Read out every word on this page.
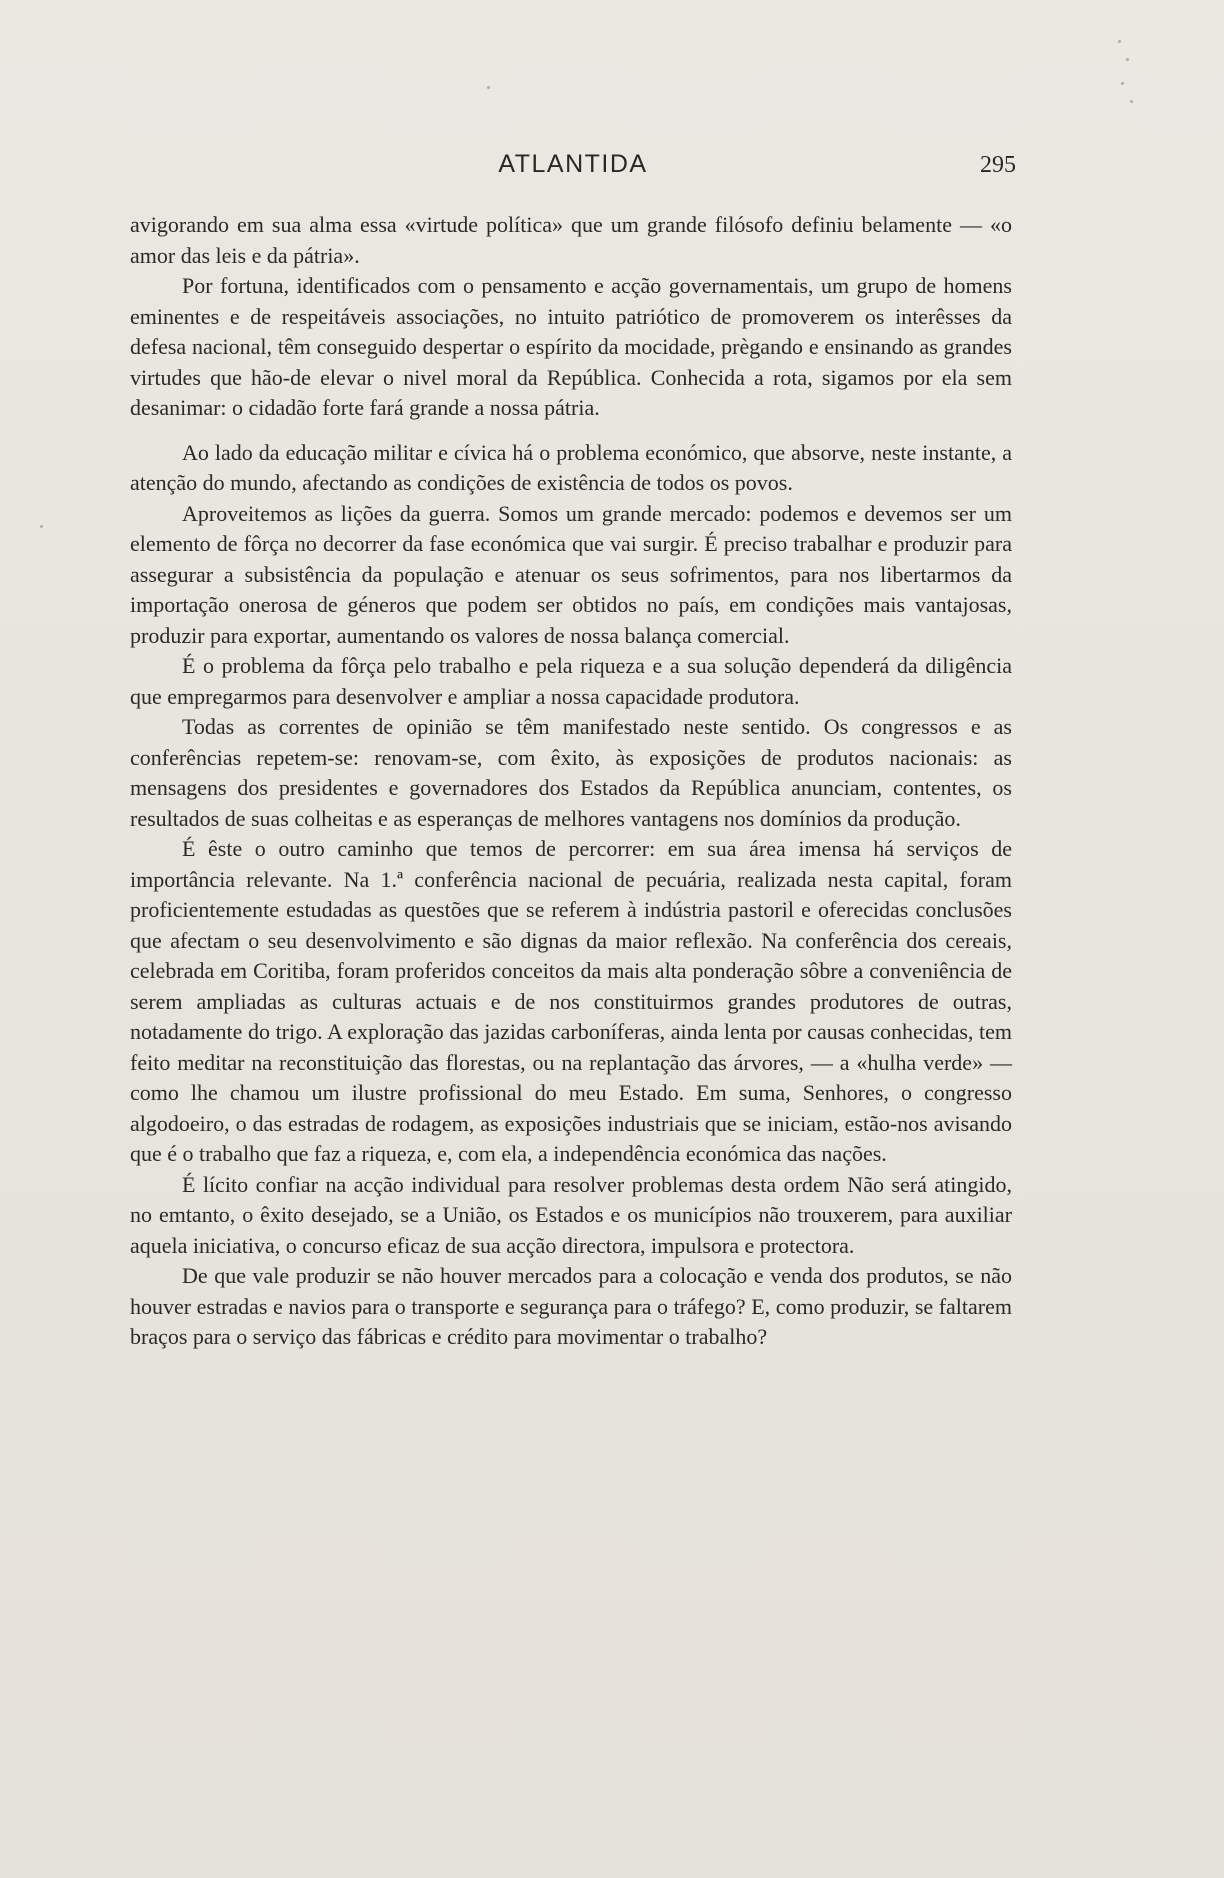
ATLANTIDA	295

avigorando em sua alma essa «virtude política» que um grande filósofo definiu belamente — «o amor das leis e da pátria».

Por fortuna, identificados com o pensamento e acção governamentais, um grupo de homens eminentes e de respeitáveis associações, no intuito patriótico de promoverem os interêsses da defesa nacional, têm conseguido despertar o espírito da mocidade, prègando e ensinando as grandes virtudes que hão-de elevar o nivel moral da República. Conhecida a rota, sigamos por ela sem desanimar: o cidadão forte fará grande a nossa pátria.

Ao lado da educação militar e cívica há o problema económico, que absorve, neste instante, a atenção do mundo, afectando as condições de existência de todos os povos.

Aproveitemos as lições da guerra. Somos um grande mercado: podemos e devemos ser um elemento de fôrça no decorrer da fase económica que vai surgir. É preciso trabalhar e produzir para assegurar a subsistência da população e atenuar os seus sofrimentos, para nos libertarmos da importação onerosa de géneros que podem ser obtidos no país, em condições mais vantajosas, produzir para exportar, aumentando os valores de nossa balança comercial.

É o problema da fôrça pelo trabalho e pela riqueza e a sua solução dependerá da diligência que empregarmos para desenvolver e ampliar a nossa capacidade produtora.

Todas as correntes de opinião se têm manifestado neste sentido. Os congressos e as conferências repetem-se: renovam-se, com êxito, às exposições de produtos nacionais: as mensagens dos presidentes e governadores dos Estados da República anunciam, contentes, os resultados de suas colheitas e as esperanças de melhores vantagens nos domínios da produção.

É êste o outro caminho que temos de percorrer: em sua área imensa há serviços de importância relevante. Na 1.ª conferência nacional de pecuária, realizada nesta capital, foram proficientemente estudadas as questões que se referem à indústria pastoril e oferecidas conclusões que afectam o seu desenvolvimento e são dignas da maior reflexão. Na conferência dos cereais, celebrada em Coritiba, foram proferidos conceitos da mais alta ponderação sôbre a conveniência de serem ampliadas as culturas actuais e de nos constituirmos grandes produtores de outras, notadamente do trigo. A exploração das jazidas carboníferas, ainda lenta por causas conhecidas, tem feito meditar na reconstituição das florestas, ou na replantação das árvores, — a «hulha verde» —como lhe chamou um ilustre profissional do meu Estado. Em suma, Senhores, o congresso algodoeiro, o das estradas de rodagem, as exposições industriais que se iniciam, estão-nos avisando que é o trabalho que faz a riqueza, e, com ela, a independência económica das nações.

É lícito confiar na acção individual para resolver problemas desta ordem Não será atingido, no emtanto, o êxito desejado, se a União, os Estados e os municípios não trouxerem, para auxiliar aquela iniciativa, o concurso eficaz de sua acção directora, impulsora e protectora.

De que vale produzir se não houver mercados para a colocação e venda dos produtos, se não houver estradas e navios para o transporte e segurança para o tráfego? E, como produzir, se faltarem braços para o serviço das fábricas e crédito para movimentar o trabalho?
